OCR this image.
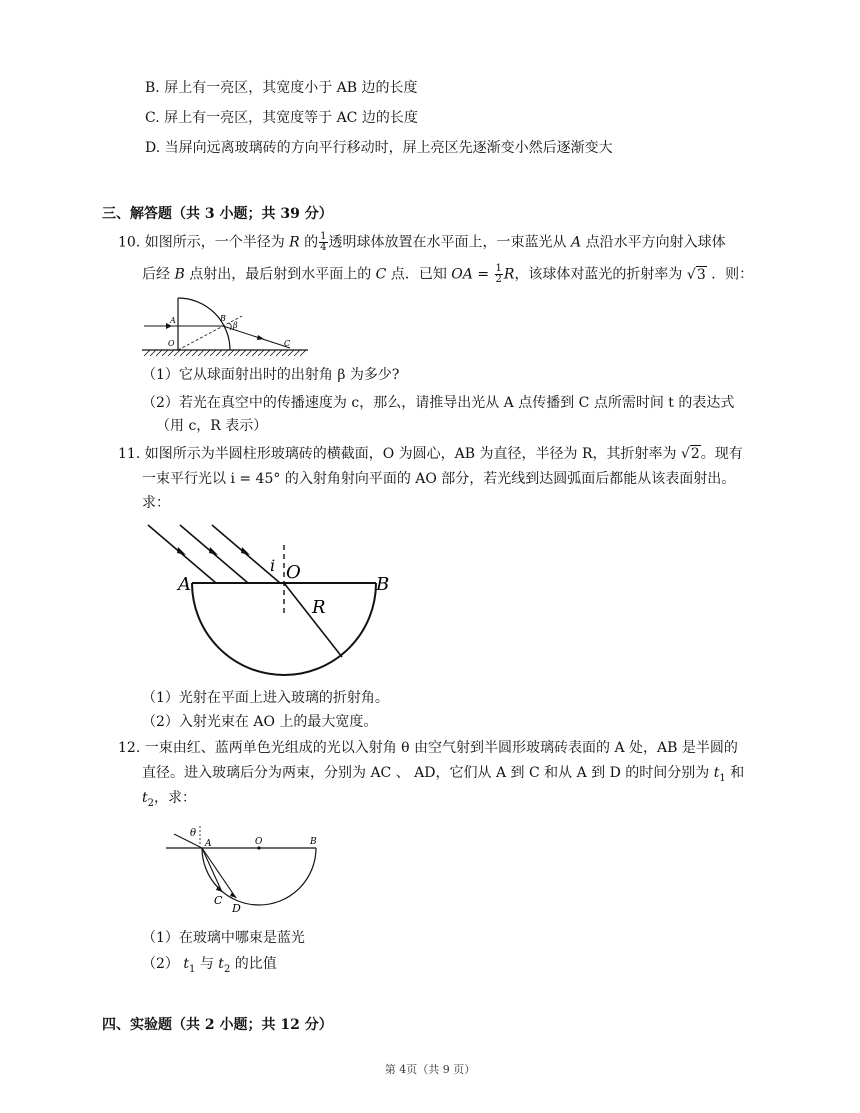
B. 屏上有一亮区，其宽度小于 AB 边的长度
C. 屏上有一亮区，其宽度等于 AC 边的长度
D. 当屏向远离玻璃砖的方向平行移动时，屏上亮区先逐渐变小然后逐渐变大
三、解答题（共 3 小题；共 39 分）
10. 如图所示，一个半径为 R 的 $\frac{1}{4}$ 透明球体放置在水平面上，一束蓝光从 A 点沿水平方向射入球体
后经 B 点射出，最后射到水平面上的 C 点．已知 OA = $\frac{1}{2}$ R，该球体对蓝光的折射率为 √3 ．则：
A
O
B
β
C
（1）它从球面射出时的出射角 β 为多少?
（2）若光在真空中的传播速度为 c，那么，请推导出光从 A 点传播到 C 点所需时间 t 的表达式
（用 c，R 表示）
11. 如图所示为半圆柱形玻璃砖的横截面，O 为圆心，AB 为直径，半径为 R，其折射率为 √2。现有
一束平行光以 i = 45° 的入射角射向平面的 AO 部分，若光线到达圆弧面后都能从该表面射出。
求：
A	B
O
i
R
（1）光射在平面上进入玻璃的折射角。
（2）入射光束在 AO 上的最大宽度。
12. 一束由红、蓝两单色光组成的光以入射角 θ 由空气射到半圆形玻璃砖表面的 A 处，AB 是半圆的
直径。进入玻璃后分为两束，分别为 AC 、 AD，它们从 A 到 C 和从 A 到 D 的时间分别为 $t_1$ 和
$t_2$，求：
θ
A	O	B
C
D
（1）在玻璃中哪束是蓝光
（2） $t_1$ 与 $t_2$ 的比值
四、实验题（共 2 小题；共 12 分）
第 4页（共 9 页）
